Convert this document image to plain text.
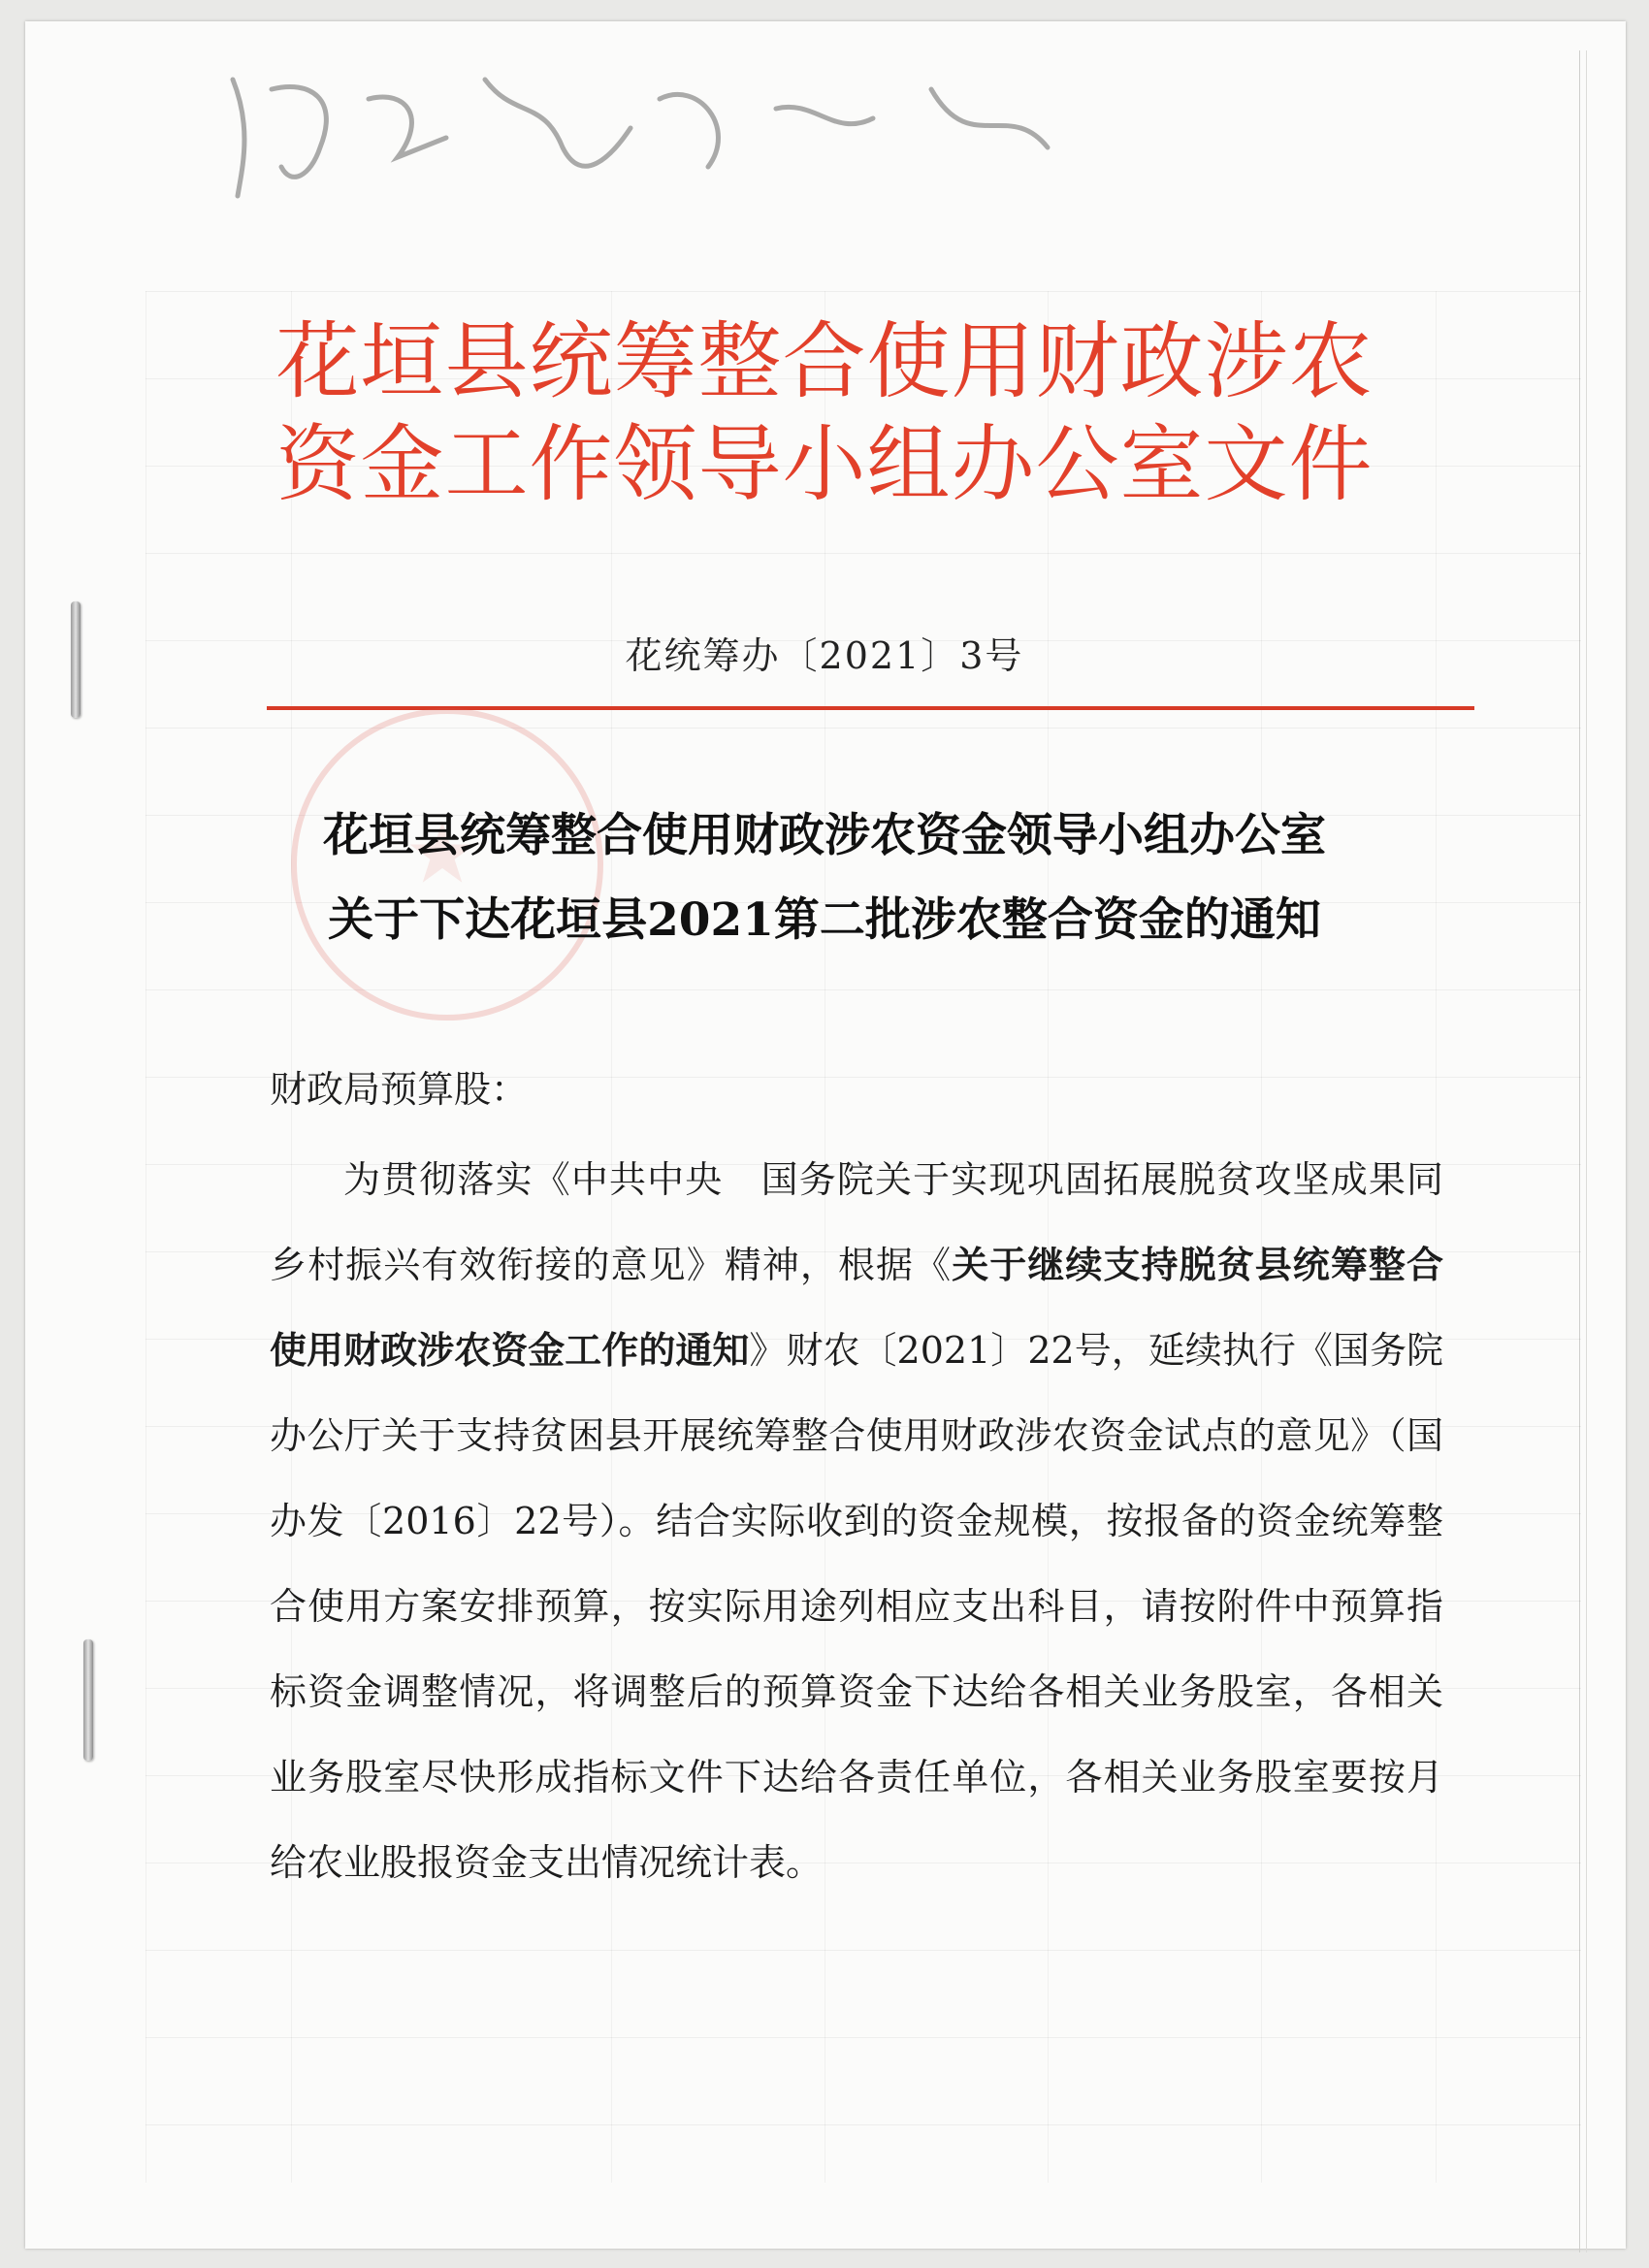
花垣县统筹整合使用财政涉农
资金工作领导小组办公室文件
花统筹办〔2021〕3号
花垣县统筹整合使用财政涉农资金领导小组办公室
关于下达花垣县2021第二批涉农整合资金的通知
财政局预算股：

为贯彻落实《中共中央　国务院关于实现巩固拓展脱贫攻坚成果同乡村振兴有效衔接的意见》精神，根据《关于继续支持脱贫县统筹整合使用财政涉农资金工作的通知》财农〔2021〕22号，延续执行《国务院办公厅关于支持贫困县开展统筹整合使用财政涉农资金试点的意见》（国办发〔2016〕22号）。结合实际收到的资金规模，按报备的资金统筹整合使用方案安排预算，按实际用途列相应支出科目，请按附件中预算指标资金调整情况，将调整后的预算资金下达给各相关业务股室，各相关业务股室尽快形成指标文件下达给各责任单位，各相关业务股室要按月给农业股报资金支出情况统计表。
